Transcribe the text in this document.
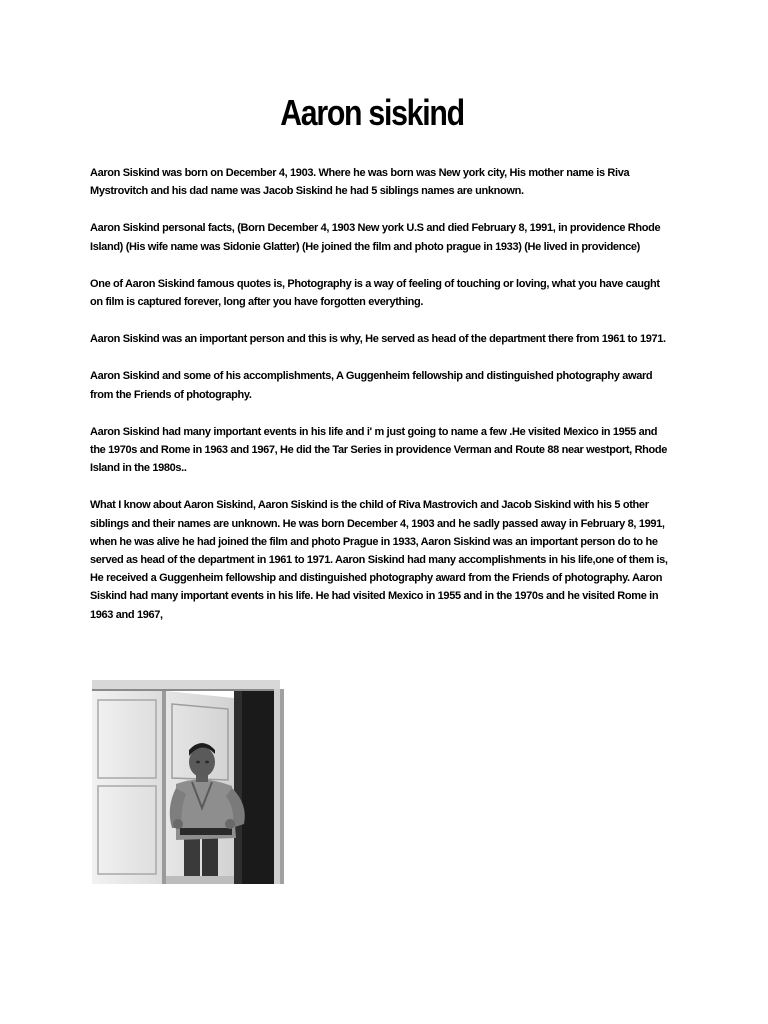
Aaron siskind

Aaron Siskind was born on December 4, 1903. Where he was born was New york city, His mother name is Riva Mystrovitch and his dad name was Jacob Siskind he had 5 siblings names are unknown.

Aaron Siskind personal facts, (Born December 4, 1903 New york U.S and died February 8, 1991, in providence Rhode Island) (His wife name was Sidonie Glatter) (He joined the film and photo prague in 1933) (He lived in providence)

One of Aaron Siskind famous quotes is, Photography is a way of feeling of touching or loving, what you have caught on film is captured forever, long after you have forgotten everything.

Aaron Siskind was an important person and this is why, He served as head of the department there from 1961 to 1971.

Aaron Siskind and some of his accomplishments, A Guggenheim fellowship and distinguished photography award from the Friends of photography.

Aaron Siskind had many important events in his life and i' m just going to name a few .He visited Mexico in 1955 and the 1970s and Rome in 1963 and 1967, He did the Tar Series in providence Verman and Route 88 near westport, Rhode Island in the 1980s..

What I know about Aaron Siskind, Aaron Siskind is the child of Riva Mastrovich and Jacob Siskind with his 5 other siblings and their names are unknown. He was born December 4, 1903 and he sadly passed away in February 8, 1991, when he was alive he had joined the film and photo Prague in 1933, Aaron Siskind was an important person do to he served as head of the department in 1961 to 1971. Aaron Siskind had many accomplishments in his life,one of them is, He received a Guggenheim fellowship and distinguished photography award from the Friends of photography. Aaron Siskind had many important events in his life. He had visited Mexico in 1955 and in the 1970s and he visited Rome in 1963 and 1967,
